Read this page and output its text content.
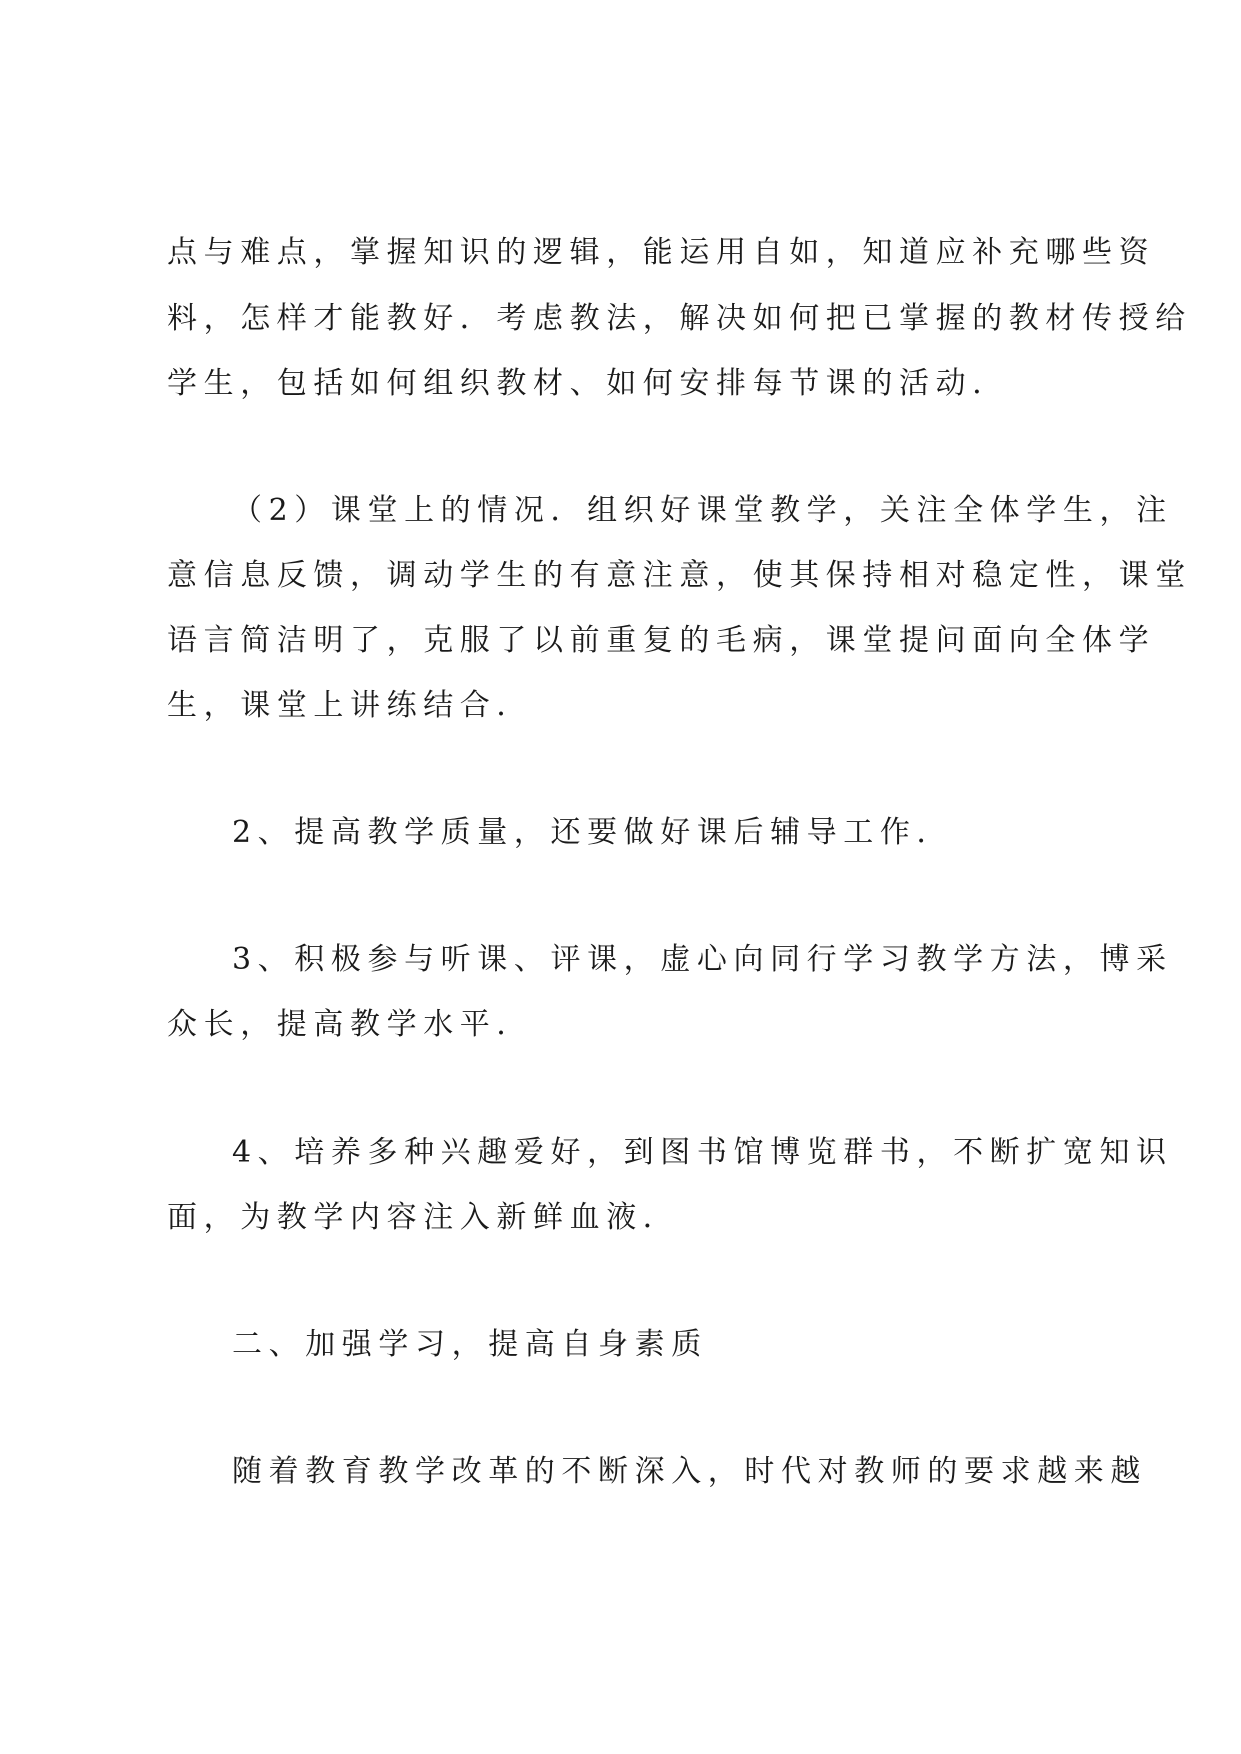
点与难点，掌握知识的逻辑，能运用自如，知道应补充哪些资
料，怎样才能教好．考虑教法，解决如何把已掌握的教材传授给
学生，包括如何组织教材、如何安排每节课的活动．
（2）课堂上的情况．组织好课堂教学，关注全体学生，注
意信息反馈，调动学生的有意注意，使其保持相对稳定性，课堂
语言简洁明了，克服了以前重复的毛病，课堂提问面向全体学
生，课堂上讲练结合．
2、提高教学质量，还要做好课后辅导工作．
3、积极参与听课、评课，虚心向同行学习教学方法，博采
众长，提高教学水平．
4、培养多种兴趣爱好，到图书馆博览群书，不断扩宽知识
面，为教学内容注入新鲜血液．
二、加强学习，提高自身素质
随着教育教学改革的不断深入，时代对教师的要求越来越
